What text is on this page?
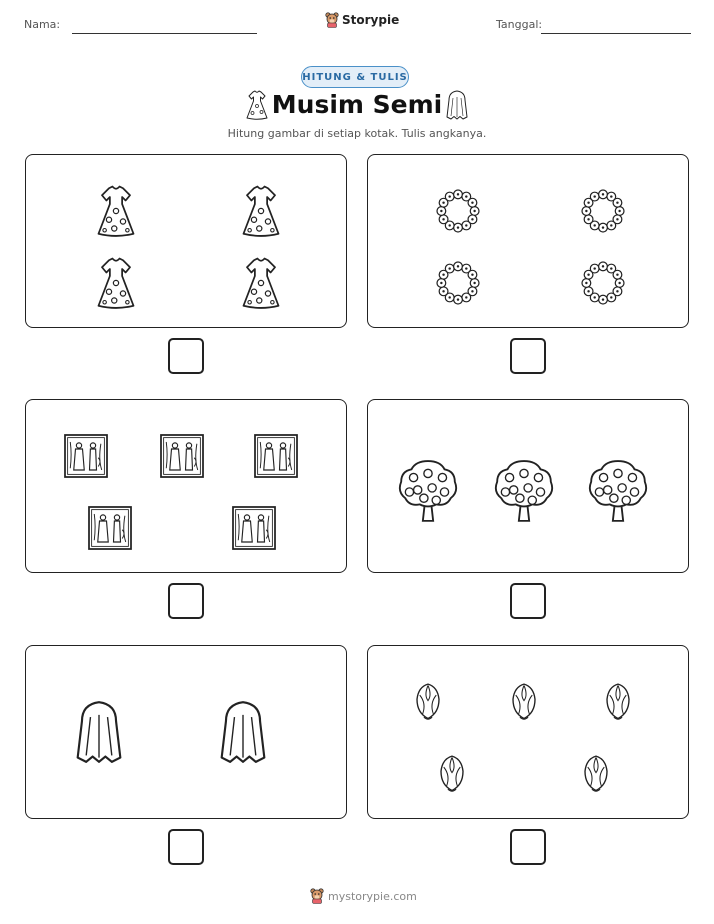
Nama:	Storypie	Tanggal:
HITUNG & TULIS
Musim Semi
Hitung gambar di setiap kotak. Tulis angkanya.
mystorypie.com
